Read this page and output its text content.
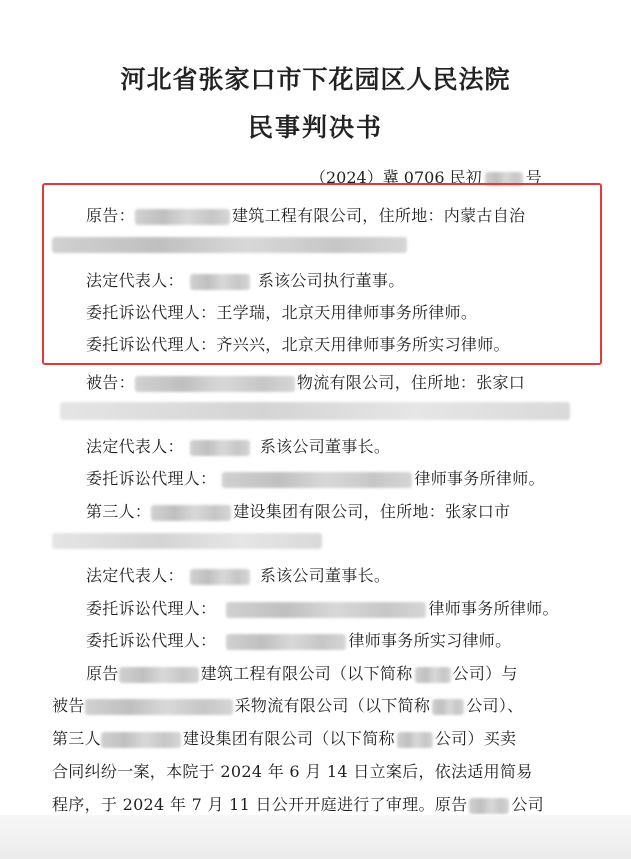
河北省张家口市下花园区人民法院
民事判决书
（2024）冀 0706 民初	号
原告：	建筑工程有限公司，住所地：内蒙古自治
法定代表人：	系该公司执行董事。
委托诉讼代理人：王学瑞，北京天用律师事务所律师。
委托诉讼代理人：齐兴兴，北京天用律师事务所实习律师。
被告：	物流有限公司，住所地：张家口
法定代表人：	系该公司董事长。
委托诉讼代理人：	律师事务所律师。
第三人：	建设集团有限公司，住所地：张家口市
法定代表人：	系该公司董事长。
委托诉讼代理人：	律师事务所律师。
委托诉讼代理人：	律师事务所实习律师。
原告	建筑工程有限公司（以下简称	公司）与
被告	采物流有限公司（以下简称 公司）、
第三人	建设集团有限公司（以下简称	公司）买卖
合同纠纷一案，本院于 2024 年 6 月 14 日立案后，依法适用简易
程序，于 2024 年 7 月 11 日公开开庭进行了审理。原告	公司
